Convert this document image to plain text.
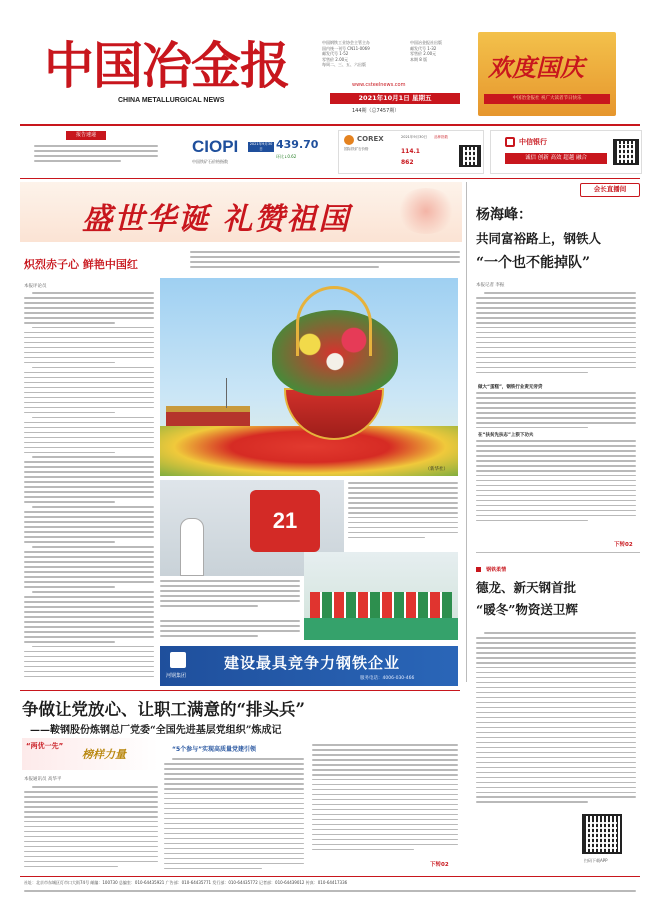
中国冶金报
CHINA METALLURGICAL NEWS
中国钢铁工业协会主管主办
国内统一刊号 CN11-0069
邮发代号 1-52
零售价 2.00元
每周二、三、五、六出版
中国冶金报社出版
邮发代号 1-32
零售价 2.00元
本期 8 版
www.csteelnews.com
2021年10月1日 星期五
144期（总7457期）
欢度国庆
中国冶金报社 祝广大读者节日快乐
报告速递
CIOPI
中国铁矿石价格指数
2021年9月30日	439.70
环比↓0.62
COREX
国际铁矿石价格
2021年9月30日 品种指数
114.1
862
中信银行
诚信 创新 高效 超越 融合
盛世华诞 礼赞祖国
炽烈赤子心 鲜艳中国红
本报评论员
（新华社）
21
河钢集团
建设最具竞争力钢铁企业
服务电话：4006-030-466
会长直播间
杨海峰：
共同富裕路上，钢铁人
“一个也不能掉队”
本报记者 李振
做大“蛋糕”，钢铁行业责无旁贷
在“扶贫先扶志”上狠下功夫
下转02
钢铁柔情
德龙、新天钢首批
“暖冬”物资送卫辉
争做让党放心、让职工满意的“排头兵”
——鞍钢股份炼钢总厂党委“全国先进基层党组织”炼成记
“两优一先”
榜样力量
本报通讯员 高华平
“5个参与”实现高质量党建引领
下转02
扫码下载APP
社址：北京市东城区灯市口大街74号 邮编：100730 总编室：010-64435921 广告部：010-64435771 发行部：010-64435772 记者部：010-64439012 传真：010-64417336
